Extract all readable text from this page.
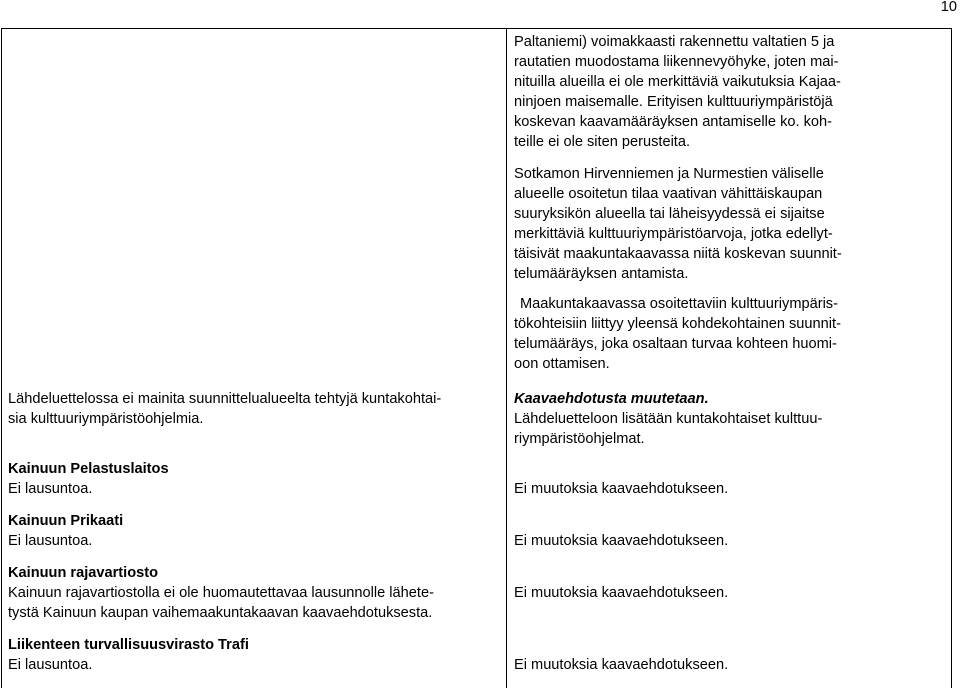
10

Paltaniemi) voimakkaasti rakennettu valtatien 5 ja

rautatien muodostama liikennevyöhyke, joten mai-

nituilla alueilla ei ole merkittäviä vaikutuksia Kajaa-

ninjoen maisemalle. Erityisen kulttuuriympäristöjä

koskevan kaavamääräyksen antamiselle ko. koh-

teille ei ole siten perusteita.

Sotkamon Hirvenniemen ja Nurmestien väliselle

alueelle osoitetun tilaa vaativan vähittäiskaupan

suuryksikön alueella tai läheisyydessä ei sijaitse

merkittäviä kulttuuriympäristöarvoja, jotka edellyt-

täisivät maakuntakaavassa niitä koskevan suunnit-

telumääräyksen antamista.

Maakuntakaavassa osoitettaviin kulttuuriympäris-

tökohteisiin liittyy yleensä kohdekohtainen suunnit-

telumääräys, joka osaltaan turvaa kohteen huomi-

oon ottamisen.

Kaavaehdotusta muutetaan.

Lähdeluetteloon lisätään kuntakohtaiset kulttuu-

riympäristöohjelmat.

Ei muutoksia kaavaehdotukseen.

Ei muutoksia kaavaehdotukseen.

Ei muutoksia kaavaehdotukseen.

Ei muutoksia kaavaehdotukseen.

Lähdeluettelossa ei mainita suunnittelualueelta tehtyjä kuntakohtai-

sia kulttuuriympäristöohjelmia.

Kainuun Pelastuslaitos

Ei lausuntoa.

Kainuun Prikaati

Ei lausuntoa.

Kainuun rajavartiosto

Kainuun rajavartiostolla ei ole huomautettavaa lausunnolle lähete-

tystä Kainuun kaupan vaihemaakuntakaavan kaavaehdotuksesta.

Liikenteen turvallisuusvirasto Trafi

Ei lausuntoa.
